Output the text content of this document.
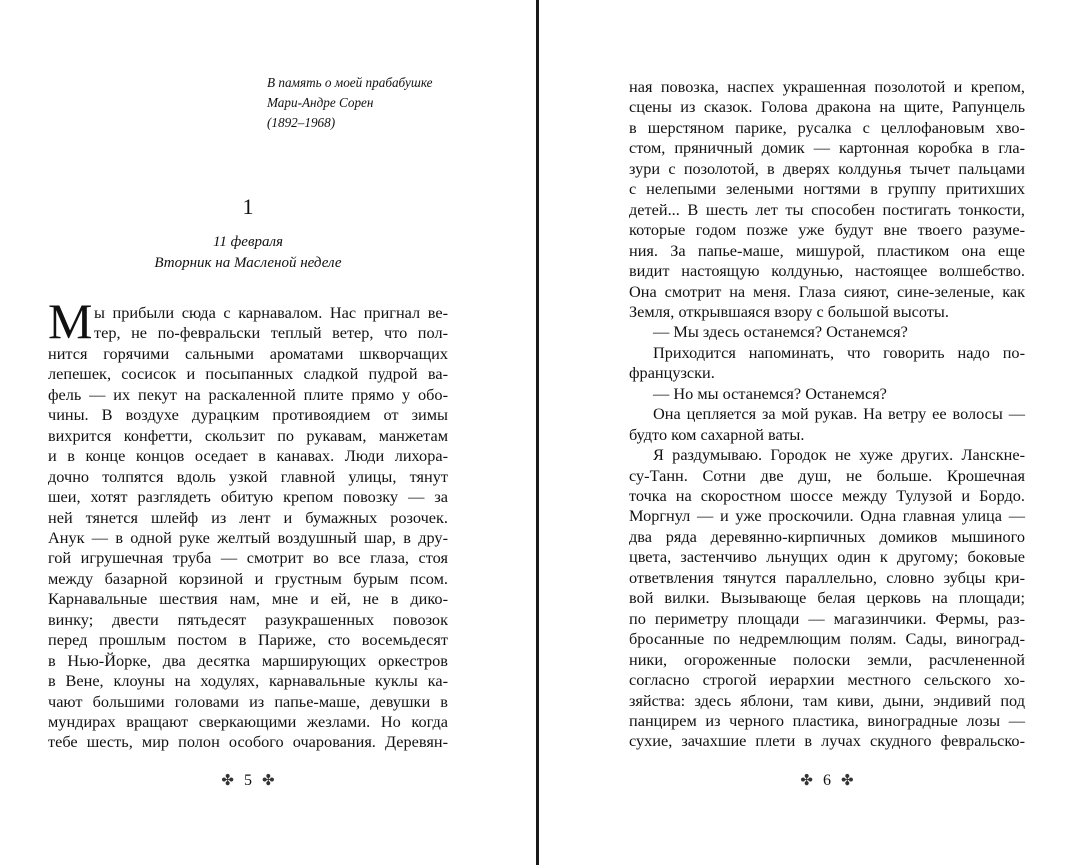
В память о моей прабабушке
Мари-Андре Сорен
(1892–1968)
1
11 февраля
Вторник на Масленой неделе
М ы прибыли сюда с карнавалом. Нас пригнал ве-
тер, не по-февральски теплый ветер, что пол-
нится горячими сальными ароматами шкворчащих
лепешек, сосисок и посыпанных сладкой пудрой ва-
фель — их пекут на раскаленной плите прямо у обо-
чины. В воздухе дурацким противоядием от зимы
вихрится конфетти, скользит по рукавам, манжетам
и в конце концов оседает в канавах. Люди лихора-
дочно толпятся вдоль узкой главной улицы, тянут
шеи, хотят разглядеть обитую крепом повозку — за
ней тянется шлейф из лент и бумажных розочек.
Анук — в одной руке желтый воздушный шар, в дру-
гой игрушечная труба — смотрит во все глаза, стоя
между базарной корзиной и грустным бурым псом.
Карнавальные шествия нам, мне и ей, не в дико-
винку; двести пятьдесят разукрашенных повозок
перед прошлым постом в Париже, сто восемьдесят
в Нью-Йорке, два десятка марширующих оркестров
в Вене, клоуны на ходулях, карнавальные куклы ка-
чают большими головами из папье-маше, девушки в
мундирах вращают сверкающими жезлами. Но когда
тебе шесть, мир полон особого очарования. Деревян-
✤ 5 ✤
ная повозка, наспех украшенная позолотой и крепом,
сцены из сказок. Голова дракона на щите, Рапунцель
в шерстяном парике, русалка с целлофановым хво-
стом, пряничный домик — картонная коробка в гла-
зури с позолотой, в дверях колдунья тычет пальцами
с нелепыми зелеными ногтями в группу притихших
детей... В шесть лет ты способен постигать тонкости,
которые годом позже уже будут вне твоего разуме-
ния. За папье-маше, мишурой, пластиком она еще
видит настоящую колдунью, настоящее волшебство.
Она смотрит на меня. Глаза сияют, сине-зеленые, как
Земля, открывшаяся взору с большой высоты.
— Мы здесь останемся? Останемся?
Приходится напоминать, что говорить надо по-
французски.
— Но мы останемся? Останемся?
Она цепляется за мой рукав. На ветру ее волосы —
будто ком сахарной ваты.
Я раздумываю. Городок не хуже других. Ланскне-
су-Танн. Сотни две душ, не больше. Крошечная
точка на скоростном шоссе между Тулузой и Бордо.
Моргнул — и уже проскочили. Одна главная улица —
два ряда деревянно-кирпичных домиков мышиного
цвета, застенчиво льнущих один к другому; боковые
ответвления тянутся параллельно, словно зубцы кри-
вой вилки. Вызывающе белая церковь на площади;
по периметру площади — магазинчики. Фермы, раз-
бросанные по недремлющим полям. Сады, виноград-
ники, огороженные полоски земли, расчлененной
согласно строгой иерархии местного сельского хо-
зяйства: здесь яблони, там киви, дыни, эндивий под
панцирем из черного пластика, виноградные лозы —
сухие, зачахшие плети в лучах скудного февральско-
✤ 6 ✤
